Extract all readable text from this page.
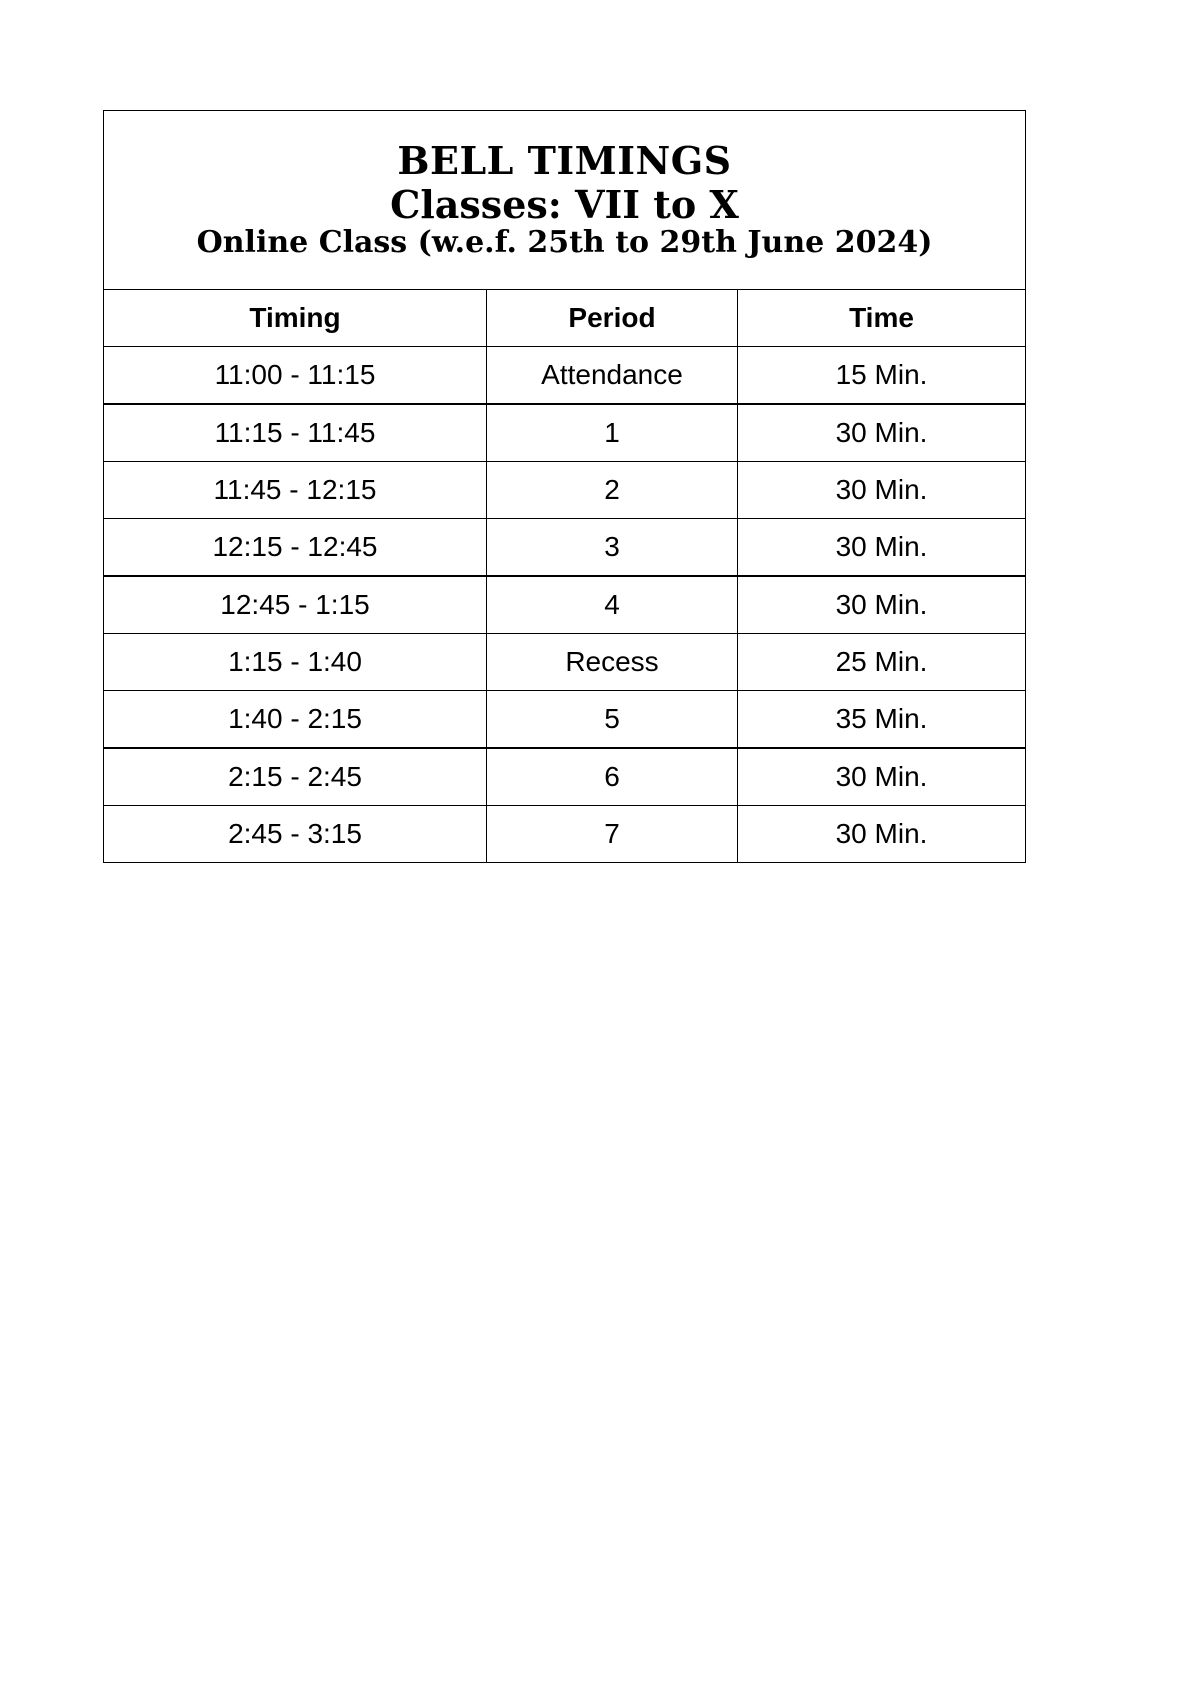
BELL TIMINGS
Classes: VII to X
Online Class (w.e.f. 25th to 29th June 2024)		

Timing	Period	Time
11:00 - 11:15	Attendance	15 Min.
11:15 - 11:45	1	30 Min.
11:45 - 12:15	2	30 Min.
12:15 - 12:45	3	30 Min.
12:45 - 1:15	4	30 Min.
1:15 - 1:40	Recess	25 Min.
1:40 - 2:15	5	35 Min.
2:15 - 2:45	6	30 Min.
2:45 - 3:15	7	30 Min.
